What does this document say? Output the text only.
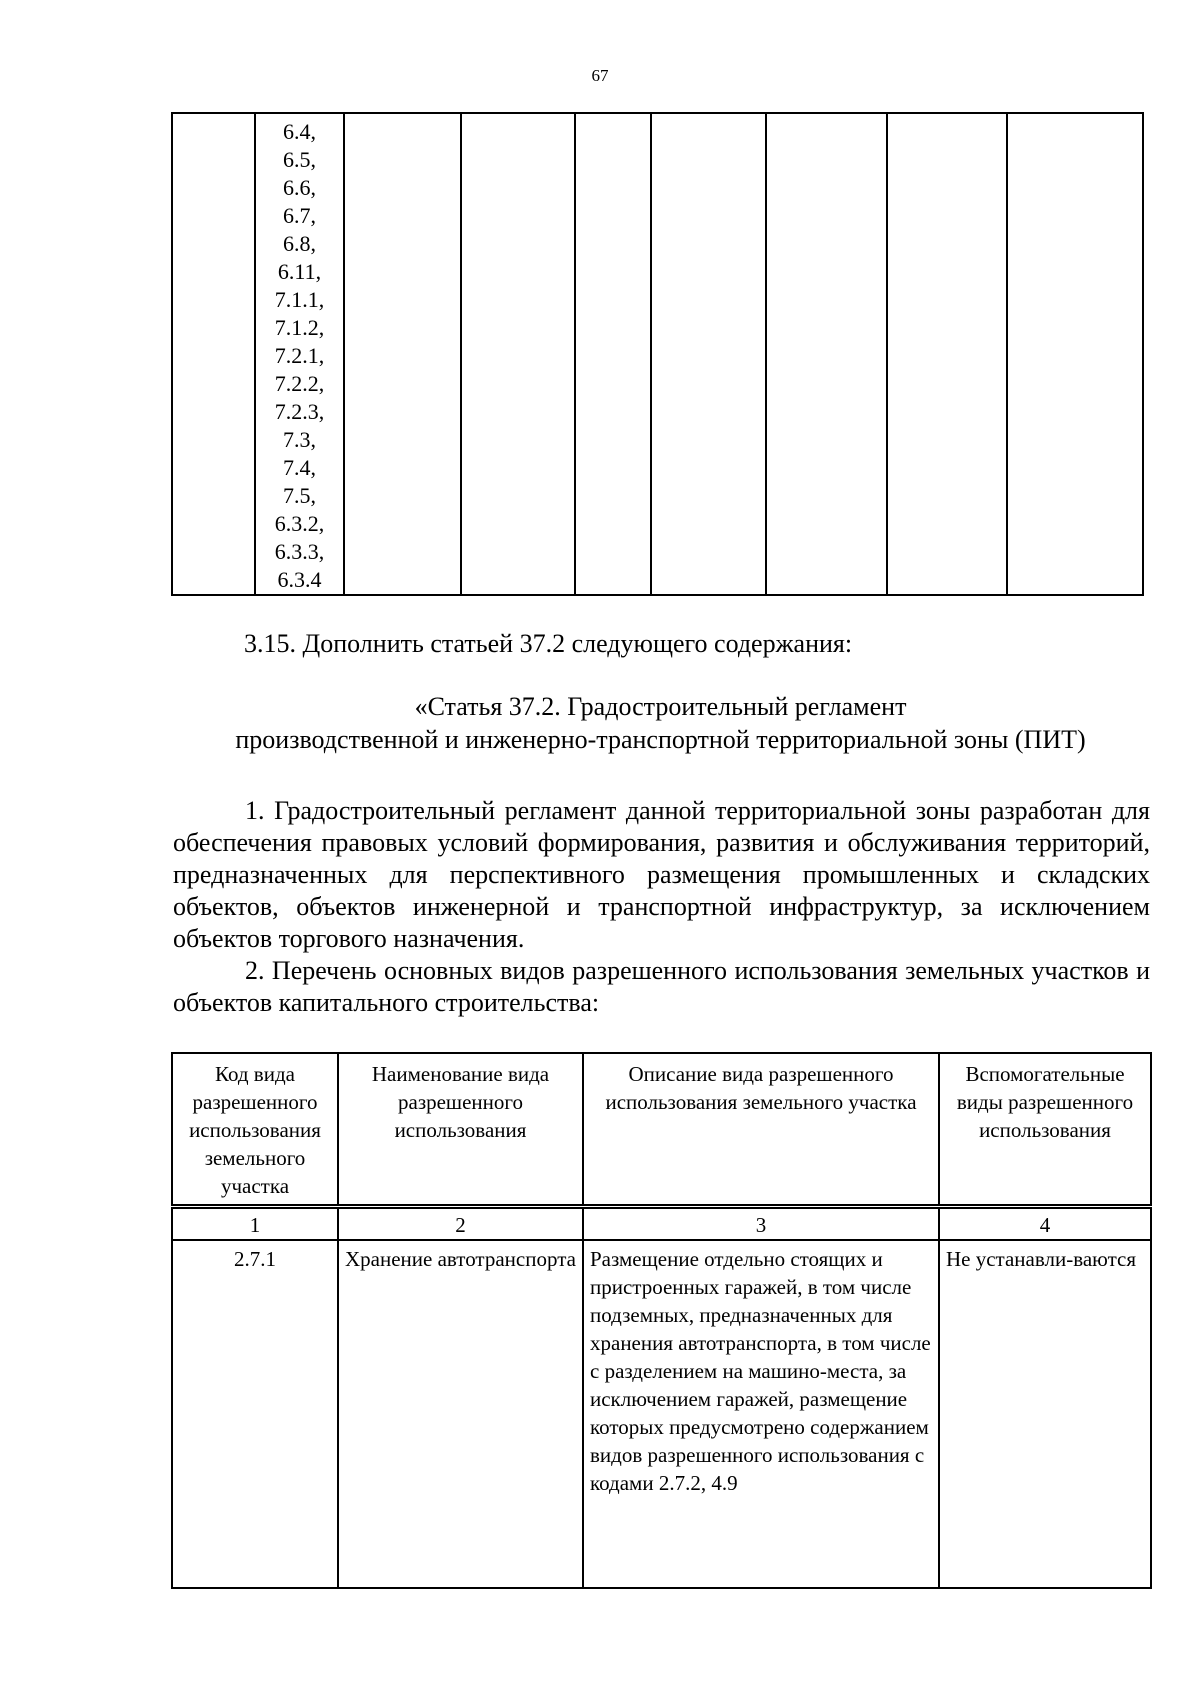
67

6.4,
6.5,
6.6,
6.7,
6.8,
6.11,
7.1.1,
7.1.2,
7.2.1,
7.2.2,
7.2.3,
7.3,
7.4,
7.5,
6.3.2,
6.3.3,
6.3.4

3.15. Дополнить статьей 37.2 следующего содержания:
«Статья 37.2. Градостроительный регламент
производственной и инженерно-транспортной территориальной зоны (ПИТ)

1. Градостроительный регламент данной территориальной зоны разработан для обеспечения правовых условий формирования, развития и обслуживания территорий, предназначенных для перспективного размещения промышленных и складских объектов, объектов инженерной и транспортной инфраструктур, за исключением объектов торгового назначения.

2. Перечень основных видов разрешенного использования земельных участков и объектов капитального строительства:

Код вида разрешенного использования земельного участка	Наименование вида разрешенного использования	Описание вида разрешенного использования земельного участка	Вспомогательные виды разрешенного использования
1	2	3	4
2.7.1	Хранение автотранспорта	Размещение отдельно стоящих и пристроенных гаражей, в том числе подземных, предназначенных для хранения автотранспорта, в том числе с разделением на машино-места, за исключением гаражей, размещение которых предусмотрено содержанием видов разрешенного использования с кодами 2.7.2, 4.9	Не устанавли-ваются
